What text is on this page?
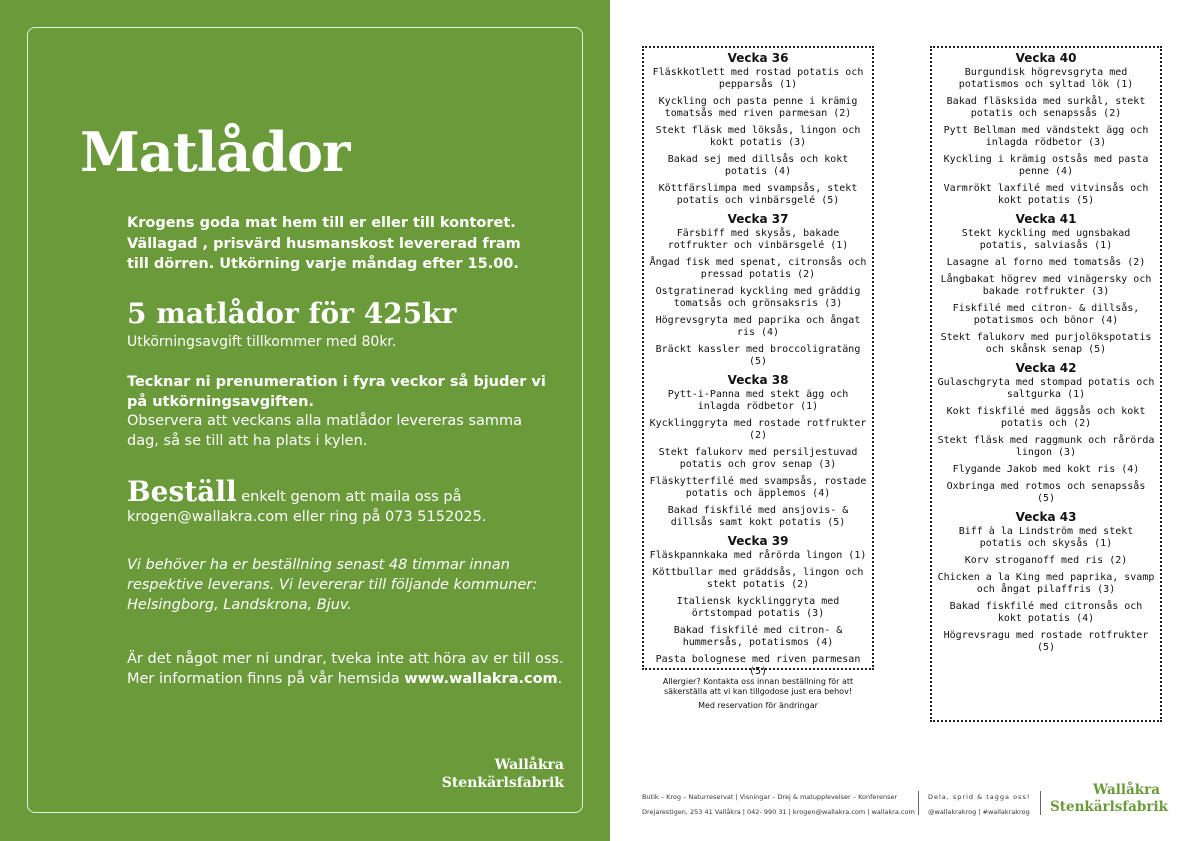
Matlådor
Krogens goda mat hem till er eller till kontoret. Vällagad , prisvärd husmanskost levererad fram till dörren. Utkörning varje måndag efter 15.00.
5 matlådor för 425kr
Utkörningsavgift tillkommer med 80kr.
Tecknar ni prenumeration i fyra veckor så bjuder vi på utkörningsavgiften.
Observera att veckans alla matlådor levereras samma dag, så se till att ha plats i kylen.
Beställ enkelt genom att maila oss på krogen@wallakra.com eller ring på 073 5152025.
Vi behöver ha er beställning senast 48 timmar innan respektive leverans. Vi levererar till följande kommuner: Helsingborg, Landskrona, Bjuv.
Är det något mer ni undrar, tveka inte att höra av er till oss. Mer information finns på vår hemsida www.wallakra.com.
Wallåkra
Stenkärlsfabrik
Vecka 36
Fläskkotlett med rostad potatis och pepparsås (1)
Kyckling och pasta penne i krämig tomatsås med riven parmesan (2)
Stekt fläsk med löksås, lingon och kokt potatis (3)
Bakad sej med dillsås och kokt potatis (4)
Köttfärslimpa med svampsås, stekt potatis och vinbärsgelé (5)
Vecka 37
Färsbiff med skysås, bakade rotfrukter och vinbärsgelé (1)
Ångad fisk med spenat, citronsås och pressad potatis (2)
Ostgratinerad kyckling med gräddig tomatsås och grönsaksris (3)
Högrevsgryta med paprika och ångat ris (4)
Bräckt kassler med broccoligratäng (5)
Vecka 38
Pytt-i-Panna med stekt ägg och inlagda rödbetor (1)
Kycklinggryta med rostade rotfrukter (2)
Stekt falukorv med persiljestuvad potatis och grov senap (3)
Fläskytterfilé med svampsås, rostade potatis och äpplemos (4)
Bakad fiskfilé med ansjovis- & dillsås samt kokt potatis (5)
Vecka 39
Fläskpannkaka med rårörda lingon (1)
Köttbullar med gräddsås, lingon och stekt potatis (2)
Italiensk kycklinggryta med örtstompad potatis (3)
Bakad fiskfilé med citron- & hummersås, potatismos (4)
Pasta bolognese med riven parmesan (5)
Vecka 40
Burgundisk högrevsgryta med potatismos och syltad lök (1)
Bakad fläsksida med surkål, stekt potatis och senapssås (2)
Pytt Bellman med vändstekt ägg och inlagda rödbetor (3)
Kyckling i krämig ostsås med pasta penne (4)
Varmrökt laxfilé med vitvinsås och kokt potatis (5)
Vecka 41
Stekt kyckling med ugnsbakad potatis, salviasås (1)
Lasagne al forno med tomatsås (2)
Långbakat högrev med vinägersky och bakade rotfrukter (3)
Fiskfilé med citron- & dillsås, potatismos och bönor (4)
Stekt falukorv med purjolökspotatis och skånsk senap (5)
Vecka 42
Gulaschgryta med stompad potatis och saltgurka (1)
Kokt fiskfilé med äggsås och kokt potatis och (2)
Stekt fläsk med raggmunk och rårörda lingon (3)
Flygande Jakob med kokt ris (4)
Oxbringa med rotmos och senapssås (5)
Vecka 43
Biff à la Lindström med stekt potatis och skysås (1)
Korv stroganoff med ris (2)
Chicken a la King med paprika, svamp och ångat pilaffris (3)
Bakad fiskfilé med citronsås och kokt potatis (4)
Högrevsragu med rostade rotfrukter (5)
Allergier? Kontakta oss innan beställning för att säkerställa att vi kan tillgodose just era behov!
Med reservation för ändringar
Butik – Krog – Naturreservat | Visningar – Drej & matupplevelser – Konferenser
Drejarestigen, 253 41 Vallåkra | 042- 990 31 | krogen@wallakra.com | wallakra.com
Dela, sprid & tagga oss!
@wallakrakrog | #wallakrakrog
Wallåkra
Stenkärlsfabrik
